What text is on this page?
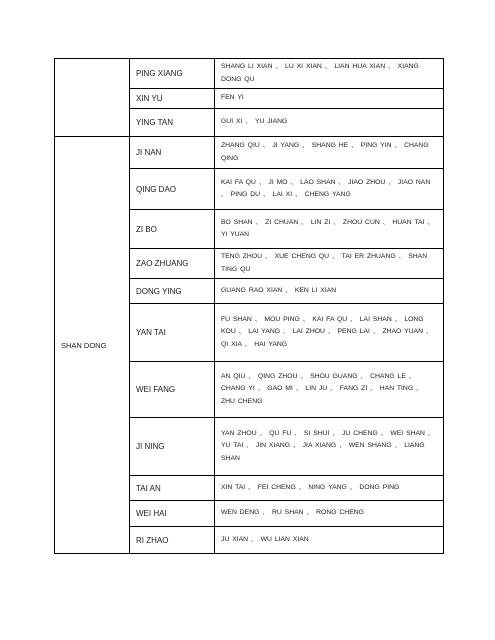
	PING XIANG	SHANG LI XIAN 、 LU XI XIAN 、 LIAN HUA XIAN 、 XIANG DONG QU

	XIN YU	FEN YI

	YING TAN	GUI XI 、 YU JIANG

SHAN DONG	JI NAN	ZHANG QIU 、 JI YANG 、 SHANG HE 、 PING YIN 、 CHANG QING

	QING DAO	KAI FA QU 、 JI MO 、 LAO SHAN 、 JIAO ZHOU 、 JIAO NAN 、 PING DU 、 LAI XI 、 CHENG YANG

	ZI BO	BO SHAN 、 ZI CHUAN 、 LIN ZI 、 ZHOU CUN 、 HUAN TAI 、 YI YUAN

	ZAO ZHUANG	TENG ZHOU 、 XUE CHENG QU 、 TAI ER ZHUANG 、 SHAN TING QU

	DONG YING	GUANG RAO XIAN 、 KEN LI XIAN

	YAN TAI	FU SHAN 、 MOU PING 、 KAI FA QU 、 LAI SHAN 、 LONG KOU 、 LAI YANG 、 LAI ZHOU 、 PENG LAI 、 ZHAO YUAN 、 QI XIA 、 HAI YANG

	WEI FANG	AN QIU 、 QING ZHOU 、 SHOU GUANG 、 CHANG LE 、 CHANG YI 、 GAO MI 、 LIN JU 、 FANG ZI 、 HAN TING 、 ZHU CHENG

	JI NING	YAN ZHOU 、 QU FU 、 SI SHUI 、 JU CHENG 、 WEI SHAN 、 YU TAI 、 JIN XIANG 、 JIA XIANG 、 WEN SHANG 、 LIANG SHAN

	TAI AN	XIN TAI 、 FEI CHENG 、 NING YANG 、 DONG PING

	WEI HAI	WEN DENG 、 RU SHAN 、 RONG CHENG

	RI ZHAO	JU XIAN 、 WU LIAN XIAN
